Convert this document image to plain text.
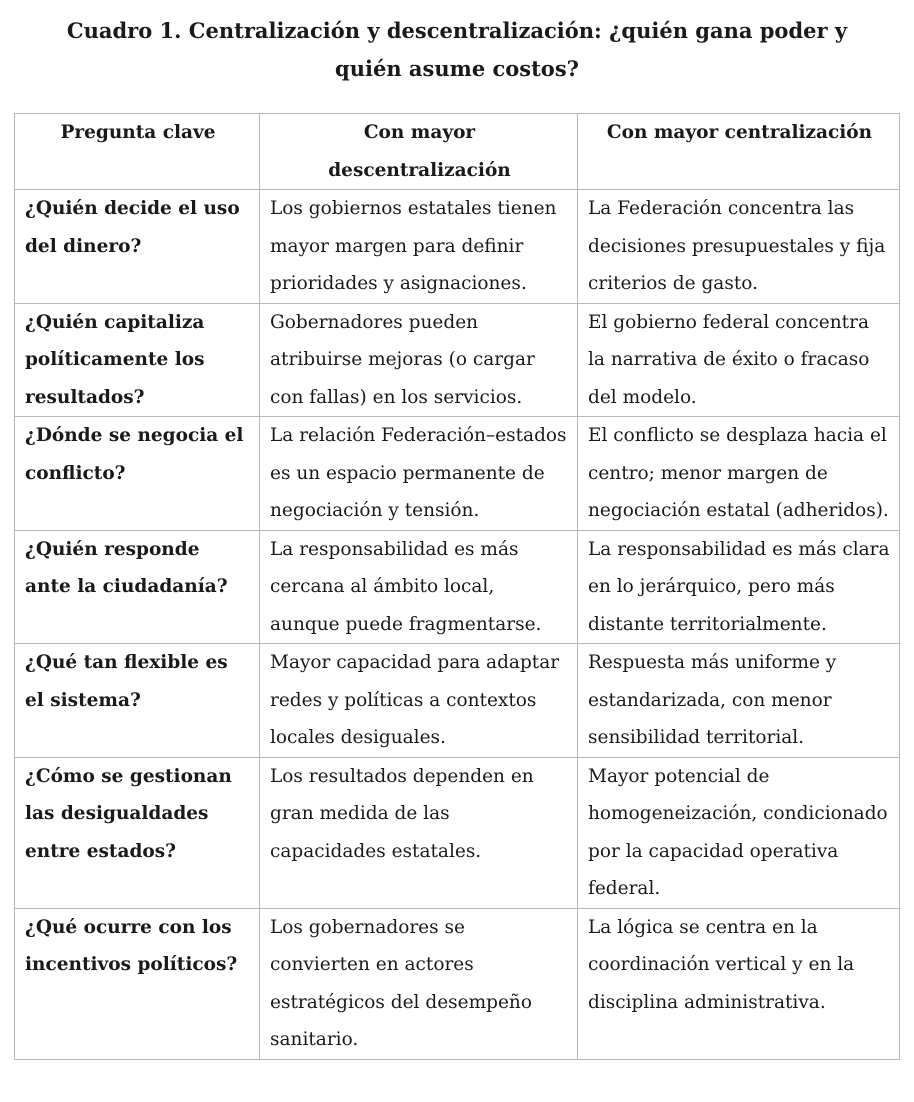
Cuadro 1. Centralización y descentralización: ¿quién gana poder y quién asume costos?
Pregunta clave	Con mayor descentralización	Con mayor centralización
¿Quién decide el uso del dinero?	Los gobiernos estatales tienen mayor margen para definir prioridades y asignaciones.	La Federación concentra las decisiones presupuestales y fija criterios de gasto.
¿Quién capitaliza políticamente los resultados?	Gobernadores pueden atribuirse mejoras (o cargar con fallas) en los servicios.	El gobierno federal concentra la narrativa de éxito o fracaso del modelo.
¿Dónde se negocia el conflicto?	La relación Federación–estados es un espacio permanente de negociación y tensión.	El conflicto se desplaza hacia el centro; menor margen de negociación estatal (adheridos).
¿Quién responde ante la ciudadanía?	La responsabilidad es más cercana al ámbito local, aunque puede fragmentarse.	La responsabilidad es más clara en lo jerárquico, pero más distante territorialmente.
¿Qué tan flexible es el sistema?	Mayor capacidad para adaptar redes y políticas a contextos locales desiguales.	Respuesta más uniforme y estandarizada, con menor sensibilidad territorial.
¿Cómo se gestionan las desigualdades entre estados?	Los resultados dependen en gran medida de las capacidades estatales.	Mayor potencial de homogeneización, condicionado por la capacidad operativa federal.
¿Qué ocurre con los incentivos políticos?	Los gobernadores se convierten en actores estratégicos del desempeño sanitario.	La lógica se centra en la coordinación vertical y en la disciplina administrativa.
